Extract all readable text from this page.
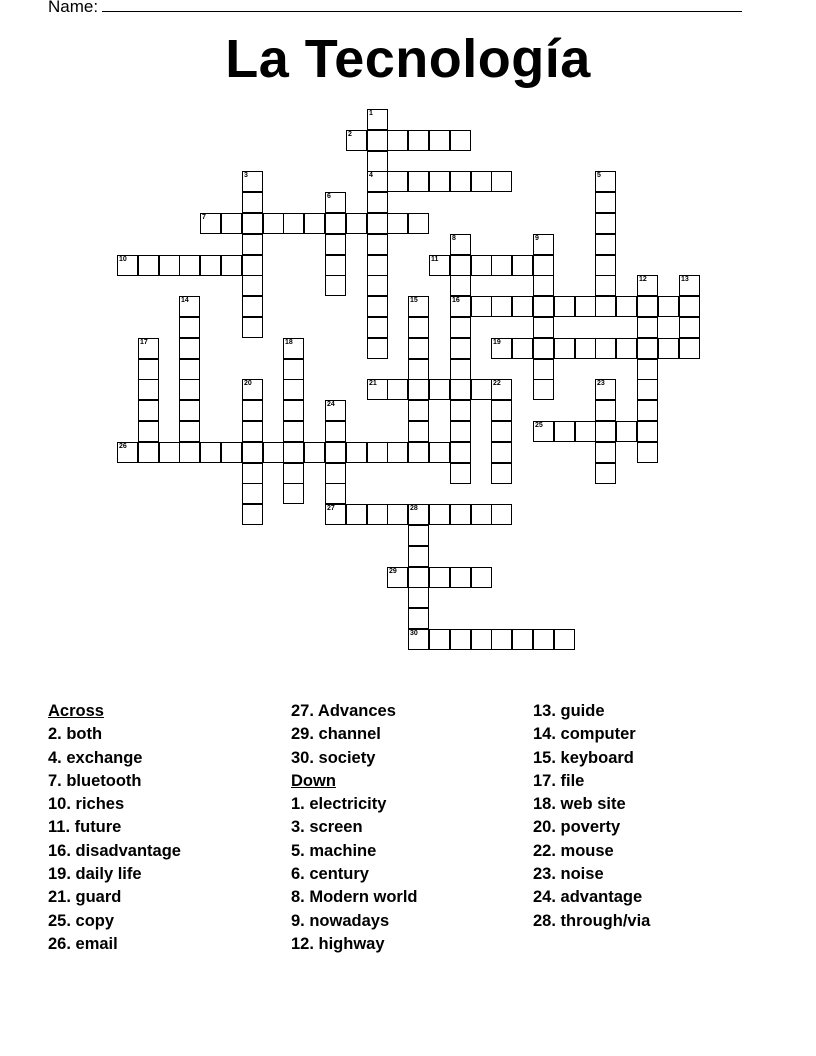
Name:
La Tecnología
1
4
2
3	5
6
7
8
16
9
10	11
12	13
14	15
17	18	19
20	21	22	23
24
27
25
26
28
30
29
Across
2. both
4. exchange
7. bluetooth
10. riches
11. future
16. disadvantage
19. daily life
21. guard
25. copy
26. email
27. Advances
29. channel
30. society
Down
1. electricity
3. screen
5. machine
6. century
8. Modern world
9. nowadays
12. highway
13. guide
14. computer
15. keyboard
17. file
18. web site
20. poverty
22. mouse
23. noise
24. advantage
28. through/via
